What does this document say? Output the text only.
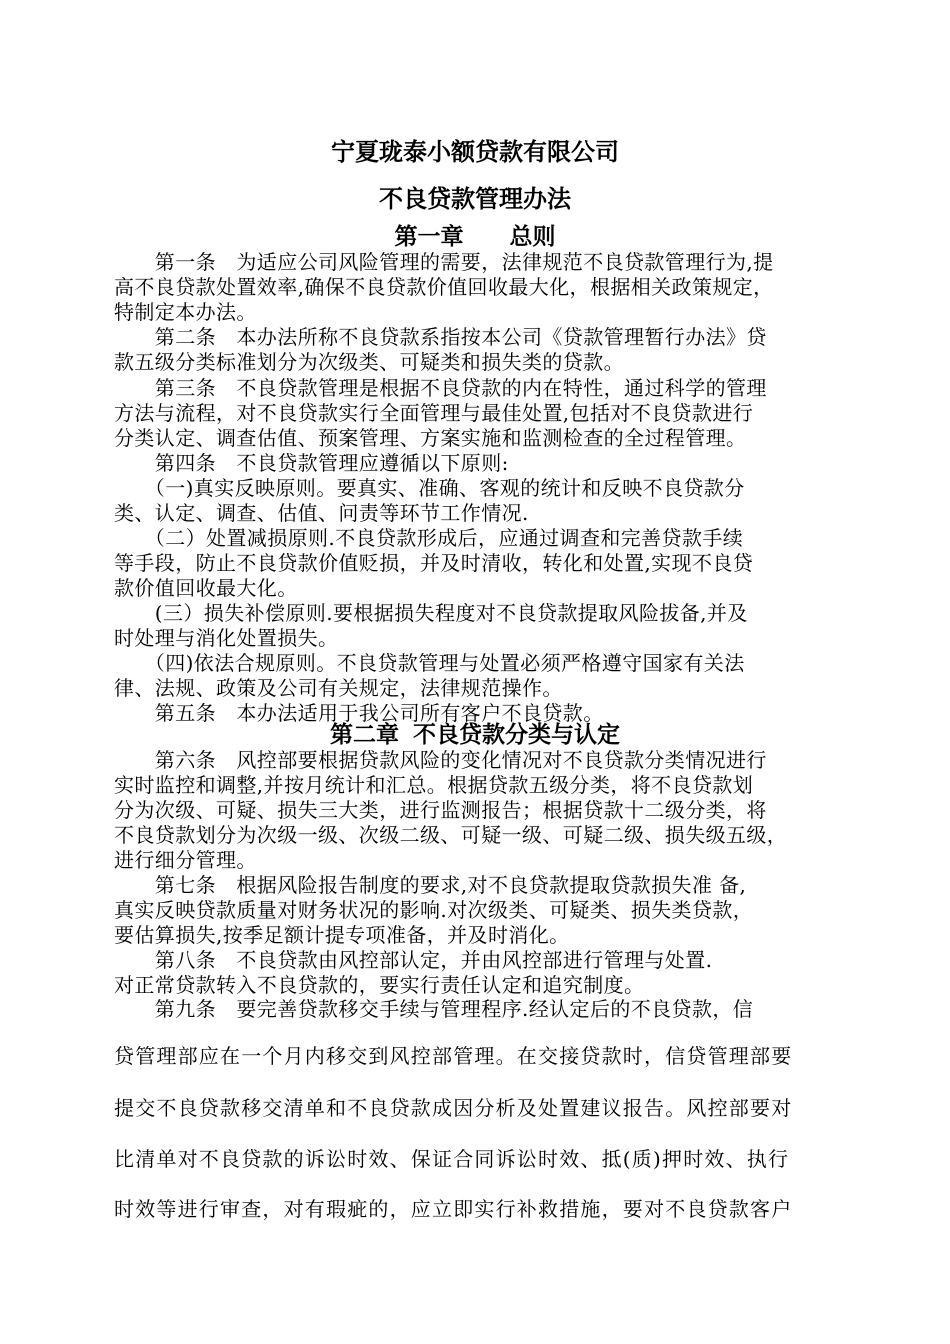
宁夏珑泰小额贷款有限公司
不良贷款管理办法
第一章 总则
　　第一条　为适应公司风险管理的需要，法律规范不良贷款管理行为,提
高不良贷款处置效率,确保不良贷款价值回收最大化，根据相关政策规定，
特制定本办法。
　　第二条　本办法所称不良贷款系指按本公司《贷款管理暂行办法》贷
款五级分类标准划分为次级类、可疑类和损失类的贷款。
　　第三条　不良贷款管理是根据不良贷款的内在特性，通过科学的管理
方法与流程，对不良贷款实行全面管理与最佳处置,包括对不良贷款进行
分类认定、调查估值、预案管理、方案实施和监测检查的全过程管理。
　　第四条　不良贷款管理应遵循以下原则:
　　（一)真实反映原则。要真实、准确、客观的统计和反映不良贷款分
类、认定、调查、估值、问责等环节工作情况.
　　（二）处置减损原则.不良贷款形成后，应通过调查和完善贷款手续
等手段，防止不良贷款价值贬损，并及时清收，转化和处置,实现不良贷
款价值回收最大化。
　　(三）损失补偿原则.要根据损失程度对不良贷款提取风险拔备,并及
时处理与消化处置损失。
　　（四)依法合规原则。不良贷款管理与处置必须严格遵守国家有关法
律、法规、政策及公司有关规定，法律规范操作。
　　第五条　本办法适用于我公司所有客户不良贷款。
第二章 不良贷款分类与认定
　　第六条　风控部要根据贷款风险的变化情况对不良贷款分类情况进行
实时监控和调整,并按月统计和汇总。根据贷款五级分类，将不良贷款划
分为次级、可疑、损失三大类，进行监测报告；根据贷款十二级分类，将
不良贷款划分为次级一级、次级二级、可疑一级、可疑二级、损失级五级，
进行细分管理。
　　第七条　根据风险报告制度的要求,对不良贷款提取贷款损失准 备,
真实反映贷款质量对财务状况的影响.对次级类、可疑类、损失类贷款，
要估算损失,按季足额计提专项准备，并及时消化。
　　第八条　不良贷款由风控部认定，并由风控部进行管理与处置.
对正常贷款转入不良贷款的，要实行责任认定和追究制度。
　　第九条　要完善贷款移交手续与管理程序.经认定后的不良贷款，信
贷管理部应在一个月内移交到风控部管理。在交接贷款时，信贷管理部要
提交不良贷款移交清单和不良贷款成因分析及处置建议报告。风控部要对
比清单对不良贷款的诉讼时效、保证合同诉讼时效、抵(质)押时效、执行
时效等进行审查，对有瑕疵的，应立即实行补救措施，要对不良贷款客户
